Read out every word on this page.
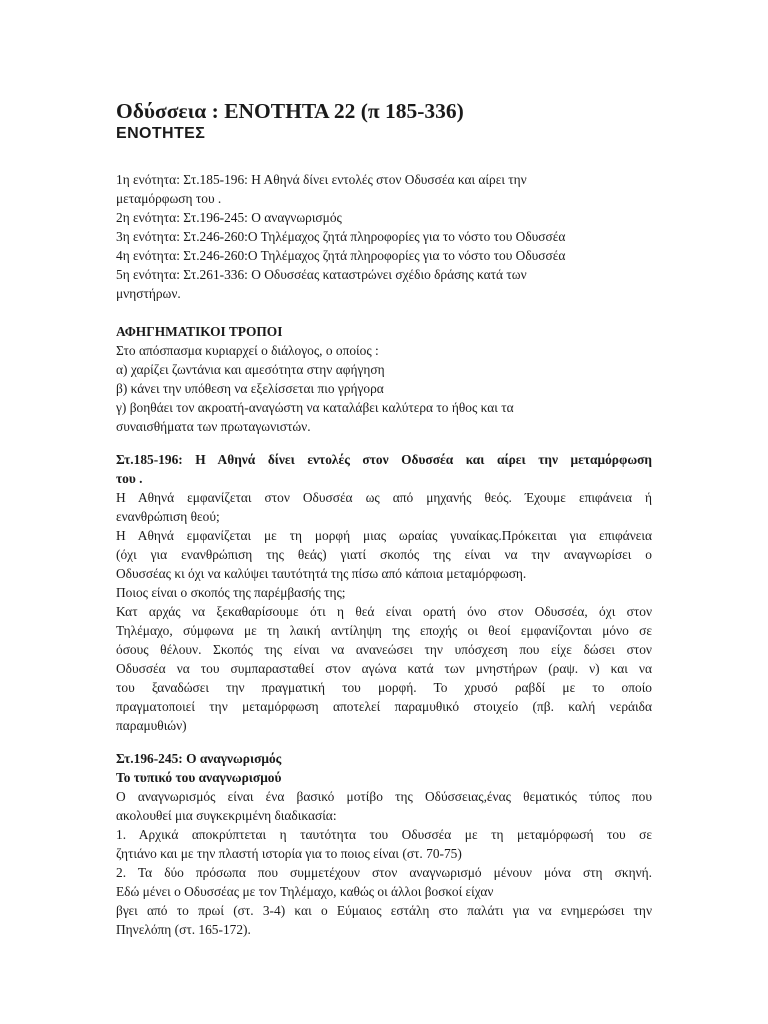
Οδύσσεια : ΕΝΟΤΗΤΑ 22 (π 185-336)
ΕΝΟΤΗΤΕΣ

1η ενότητα: Στ.185-196: Η Αθηνά δίνει εντολές στον Οδυσσέα και αίρει την

μεταμόρφωση του .

2η ενότητα: Στ.196-245: Ο αναγνωρισμός

3η ενότητα: Στ.246-260:Ο Τηλέμαχος ζητά πληροφορίες για το νόστο του Οδυσσέα

4η ενότητα: Στ.246-260:Ο Τηλέμαχος ζητά πληροφορίες για το νόστο του Οδυσσέα

5η ενότητα: Στ.261-336: Ο Οδυσσέας καταστρώνει σχέδιο δράσης κατά των

μνηστήρων.

ΑΦΗΓΗΜΑΤΙΚΟΙ ΤΡΟΠΟΙ

Στο απόσπασμα κυριαρχεί ο διάλογος, ο οποίος :

α) χαρίζει ζωντάνια και αμεσότητα στην αφήγηση

β) κάνει την υπόθεση να εξελίσσεται πιο γρήγορα

γ) βοηθάει τον ακροατή-αναγώστη να καταλάβει καλύτερα το ήθος και τα

συναισθήματα των πρωταγωνιστών.

Στ.185-196: Η Αθηνά δίνει εντολές στον Οδυσσέα και αίρει την μεταμόρφωση

του .

Η Αθηνά εμφανίζεται στον Οδυσσέα ως από μηχανής θεός. Έχουμε επιφάνεια ή

ενανθρώπιση θεού;

Η Αθηνά εμφανίζεται με τη μορφή μιας ωραίας γυναίκας.Πρόκειται για επιφάνεια

(όχι για ενανθρώπιση της θεάς) γιατί σκοπός της είναι να την αναγνωρίσει ο

Οδυσσέας κι όχι να καλύψει ταυτότητά της πίσω από κάποια μεταμόρφωση.

Ποιος είναι ο σκοπός της παρέμβασής της;

Κατ αρχάς να ξεκαθαρίσουμε ότι η θεά είναι ορατή όνο στον Οδυσσέα, όχι στον

Τηλέμαχο, σύμφωνα με τη λαική αντίληψη της εποχής οι θεοί εμφανίζονται μόνο σε

όσους θέλουν. Σκοπός της είναι να ανανεώσει την υπόσχεση που είχε δώσει στον

Οδυσσέα να του συμπαρασταθεί στον αγώνα κατά των μνηστήρων (ραψ. ν) και να

του ξαναδώσει την πραγματική του μορφή. Το χρυσό ραβδί με το οποίο

πραγματοποιεί την μεταμόρφωση αποτελεί παραμυθικό στοιχείο (πβ. καλή νεράιδα

παραμυθιών)

Στ.196-245: Ο αναγνωρισμός

Το τυπικό του αναγνωρισμού

Ο αναγνωρισμός είναι ένα βασικό μοτίβο της Οδύσσειας,ένας θεματικός τύπος που

ακολουθεί μια συγκεκριμένη διαδικασία:

1. Αρχικά αποκρύπτεται η ταυτότητα του Οδυσσέα με τη μεταμόρφωσή του σε

ζητιάνο και με την πλαστή ιστορία για το ποιος είναι (στ. 70-75)

2. Τα δύο πρόσωπα που συμμετέχουν στον αναγνωρισμό μένουν μόνα στη σκηνή.

Εδώ μένει ο Οδυσσέας με τον Τηλέμαχο, καθώς οι άλλοι βοσκοί είχαν

βγει από το πρωί (στ. 3-4) και ο Εύμαιος εστάλη στο παλάτι για να ενημερώσει την

Πηνελόπη (στ. 165-172).
